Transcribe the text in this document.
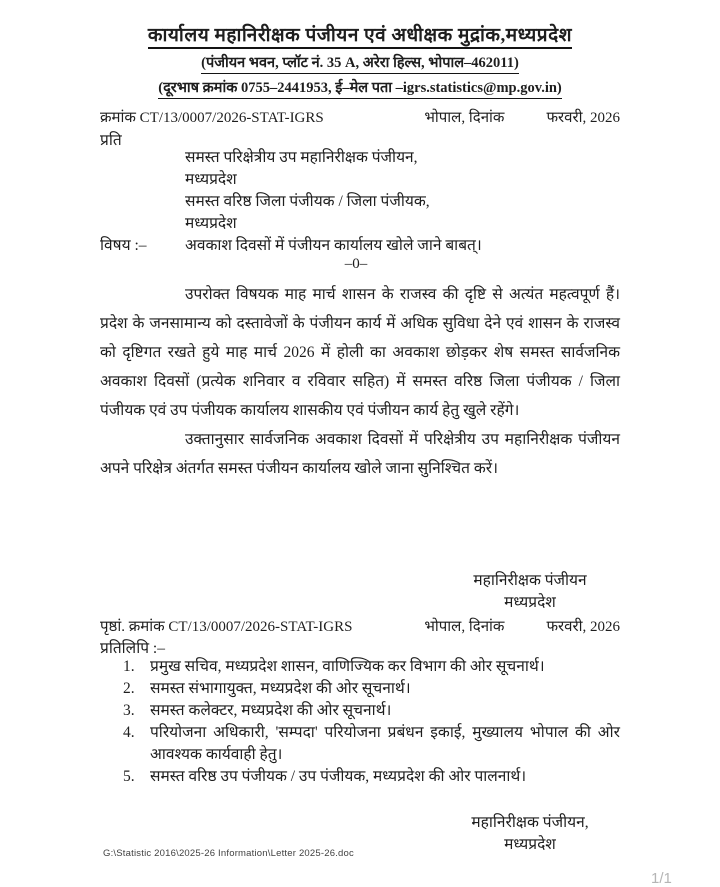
कार्यालय महानिरीक्षक पंजीयन एवं अधीक्षक मुद्रांक,मध्यप्रदेश
(पंजीयन भवन, प्लॉट नं. 35 A, अरेरा हिल्स, भोपाल–462011)
(दूरभाष क्रमांक 0755–2441953, ई–मेल पता –igrs.statistics@mp.gov.in)
क्रमांक CT/13/0007/2026-STAT-IGRS	भोपाल, दिनांक	फरवरी, 2026
प्रति
समस्त परिक्षेत्रीय उप महानिरीक्षक पंजीयन,
मध्यप्रदेश
समस्त वरिष्ठ जिला पंजीयक / जिला पंजीयक,
मध्यप्रदेश
विषय :–	अवकाश दिवसों में पंजीयन कार्यालय खोले जाने बाबत्।
–0–

उपरोक्त विषयक माह मार्च शासन के राजस्व की दृष्टि से अत्यंत महत्वपूर्ण हैं। प्रदेश के जनसामान्य को दस्तावेजों के पंजीयन कार्य में अधिक सुविधा देने एवं शासन के राजस्व को दृष्टिगत रखते हुये माह मार्च 2026 में होली का अवकाश छोड़कर शेष समस्त सार्वजनिक अवकाश दिवसों (प्रत्येक शनिवार व रविवार सहित) में समस्त वरिष्ठ जिला पंजीयक / जिला पंजीयक एवं उप पंजीयक कार्यालय शासकीय एवं पंजीयन कार्य हेतु खुले रहेंगे।

उक्तानुसार सार्वजनिक अवकाश दिवसों में परिक्षेत्रीय उप महानिरीक्षक पंजीयन अपने परिक्षेत्र अंतर्गत समस्त पंजीयन कार्यालय खोले जाना सुनिश्चित करें।

महानिरीक्षक पंजीयन
मध्यप्रदेश
पृष्ठां. क्रमांक CT/13/0007/2026-STAT-IGRS	भोपाल, दिनांक	फरवरी, 2026
प्रतिलिपि :–
1. प्रमुख सचिव, मध्यप्रदेश शासन, वाणिज्यिक कर विभाग की ओर सूचनार्थ।
2. समस्त संभागायुक्त, मध्यप्रदेश की ओर सूचनार्थ।
3. समस्त कलेक्टर, मध्यप्रदेश की ओर सूचनार्थ।
4. परियोजना अधिकारी, 'सम्पदा' परियोजना प्रबंधन इकाई, मुख्यालय भोपाल की ओर आवश्यक कार्यवाही हेतु।
5. समस्त वरिष्ठ उप पंजीयक / उप पंजीयक, मध्यप्रदेश की ओर पालनार्थ।
महानिरीक्षक पंजीयन,
मध्यप्रदेश
G:\Statistic 2016\2025-26 Information\Letter 2025-26.doc
1/1
